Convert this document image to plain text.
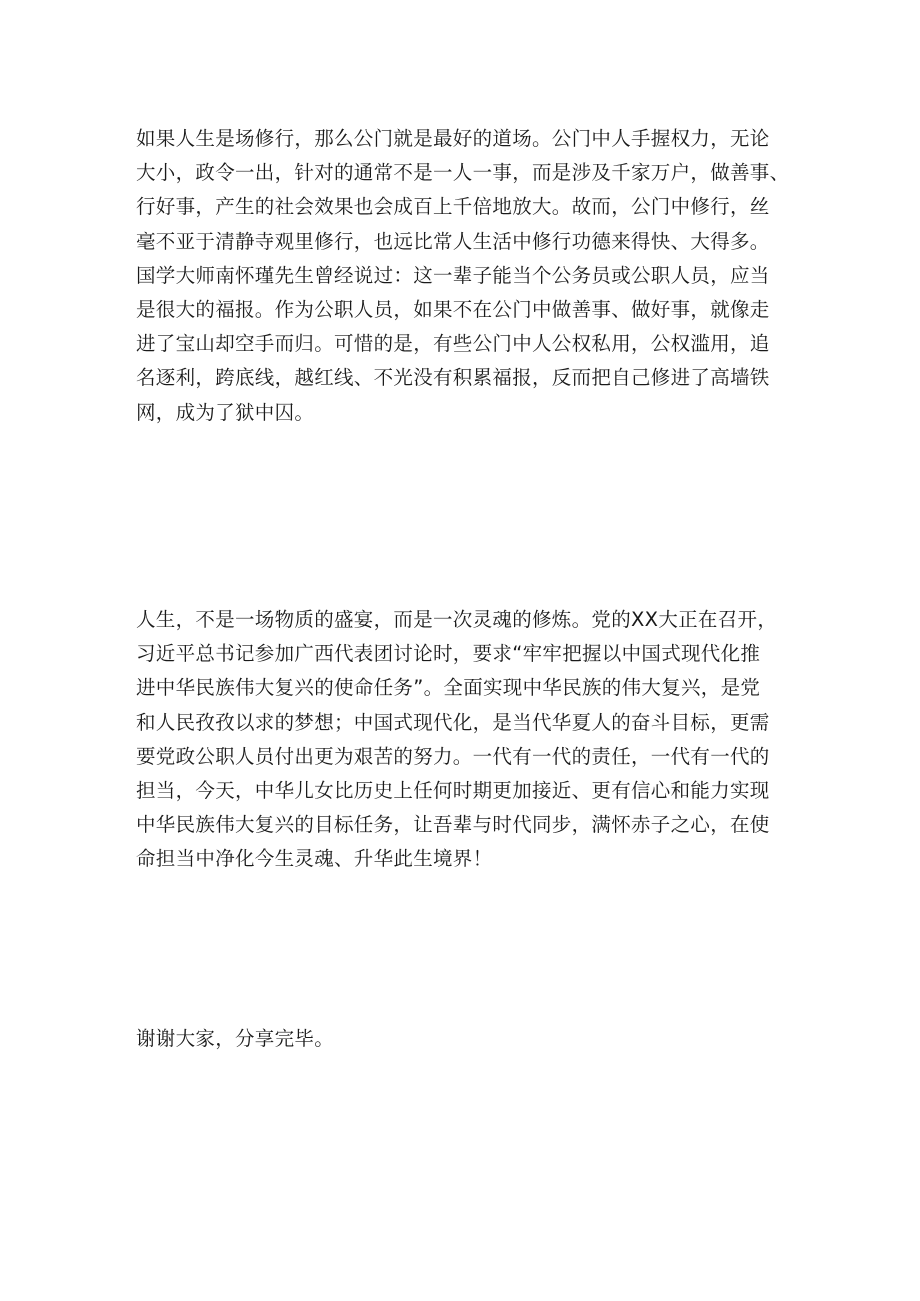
如果人生是场修行，那么公门就是最好的道场。公门中人手握权力，无论
大小，政令一出，针对的通常不是一人一事，而是涉及千家万户，做善事、
行好事，产生的社会效果也会成百上千倍地放大。故而，公门中修行，丝
毫不亚于清静寺观里修行，也远比常人生活中修行功德来得快、大得多。
国学大师南怀瑾先生曾经说过：这一辈子能当个公务员或公职人员，应当
是很大的福报。作为公职人员，如果不在公门中做善事、做好事，就像走
进了宝山却空手而归。可惜的是，有些公门中人公权私用，公权滥用，追
名逐利，跨底线，越红线、不光没有积累福报，反而把自己修进了高墙铁
网，成为了狱中囚。
人生，不是一场物质的盛宴，而是一次灵魂的修炼。党的XX大正在召开，
习近平总书记参加广西代表团讨论时，要求“牢牢把握以中国式现代化推
进中华民族伟大复兴的使命任务”。全面实现中华民族的伟大复兴，是党
和人民孜孜以求的梦想；中国式现代化，是当代华夏人的奋斗目标，更需
要党政公职人员付出更为艰苦的努力。一代有一代的责任，一代有一代的
担当，今天，中华儿女比历史上任何时期更加接近、更有信心和能力实现
中华民族伟大复兴的目标任务，让吾辈与时代同步，满怀赤子之心，在使
命担当中净化今生灵魂、升华此生境界！
谢谢大家，分享完毕。
